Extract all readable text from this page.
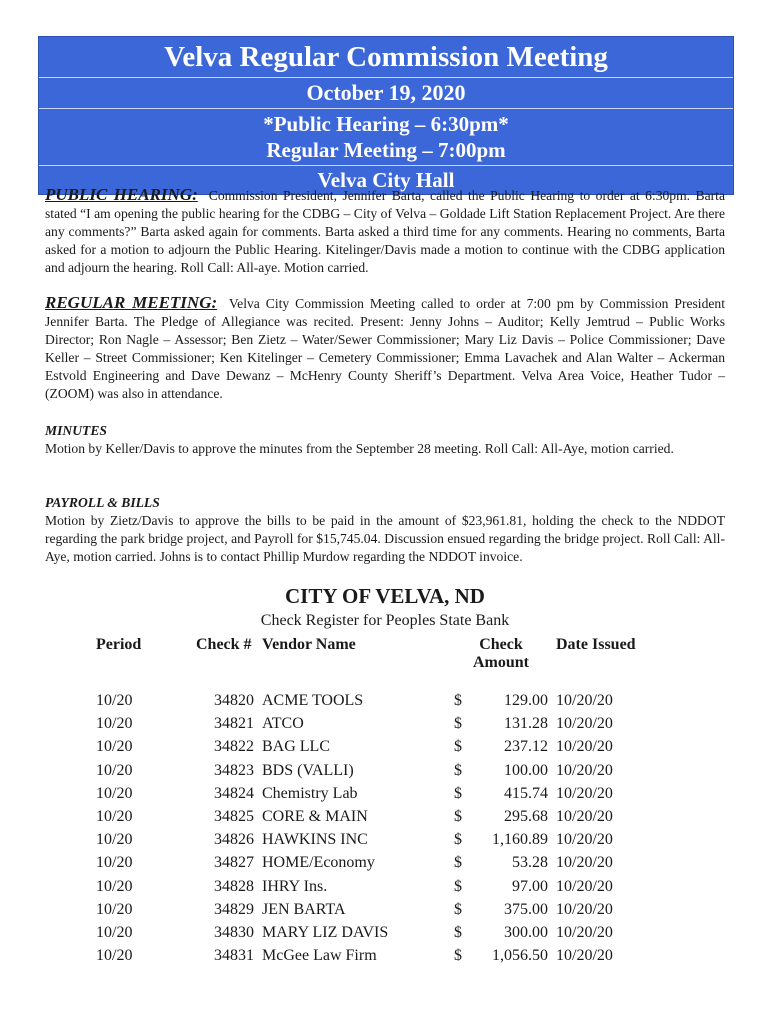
Velva Regular Commission Meeting
October 19, 2020
*Public Hearing – 6:30pm*
Regular Meeting – 7:00pm
Velva City Hall
PUBLIC HEARING: Commission President, Jennifer Barta, called the Public Hearing to order at 6:30pm. Barta stated “I am opening the public hearing for the CDBG – City of Velva – Goldade Lift Station Replacement Project. Are there any comments?” Barta asked again for comments. Barta asked a third time for any comments. Hearing no comments, Barta asked for a motion to adjourn the Public Hearing. Kitelinger/Davis made a motion to continue with the CDBG application and adjourn the hearing. Roll Call: All-aye. Motion carried.
REGULAR MEETING: Velva City Commission Meeting called to order at 7:00 pm by Commission President Jennifer Barta. The Pledge of Allegiance was recited. Present: Jenny Johns – Auditor; Kelly Jemtrud – Public Works Director; Ron Nagle – Assessor; Ben Zietz – Water/Sewer Commissioner; Mary Liz Davis – Police Commissioner; Dave Keller – Street Commissioner; Ken Kitelinger – Cemetery Commissioner; Emma Lavachek and Alan Walter – Ackerman Estvold Engineering and Dave Dewanz – McHenry County Sheriff’s Department. Velva Area Voice, Heather Tudor – (ZOOM) was also in attendance.
MINUTES
Motion by Keller/Davis to approve the minutes from the September 28 meeting. Roll Call: All-Aye, motion carried.
PAYROLL & BILLS
Motion by Zietz/Davis to approve the bills to be paid in the amount of $23,961.81, holding the check to the NDDOT regarding the park bridge project, and Payroll for $15,745.04. Discussion ensued regarding the bridge project. Roll Call: All-Aye, motion carried. Johns is to contact Phillip Murdow regarding the NDDOT invoice.
CITY OF VELVA, ND
Check Register for Peoples State Bank
Period	Check #	Vendor Name	Check Amount		Date Issued

10/20	34820	ACME TOOLS	$	129.00	10/20/20
10/20	34821	ATCO	$	131.28	10/20/20
10/20	34822	BAG LLC	$	237.12	10/20/20
10/20	34823	BDS (VALLI)	$	100.00	10/20/20
10/20	34824	Chemistry Lab	$	415.74	10/20/20
10/20	34825	CORE & MAIN	$	295.68	10/20/20
10/20	34826	HAWKINS INC	$	1,160.89	10/20/20
10/20	34827	HOME/Economy	$	53.28	10/20/20
10/20	34828	IHRY Ins.	$	97.00	10/20/20
10/20	34829	JEN BARTA	$	375.00	10/20/20
10/20	34830	MARY LIZ DAVIS	$	300.00	10/20/20
10/20	34831	McGee Law Firm	$	1,056.50	10/20/20
